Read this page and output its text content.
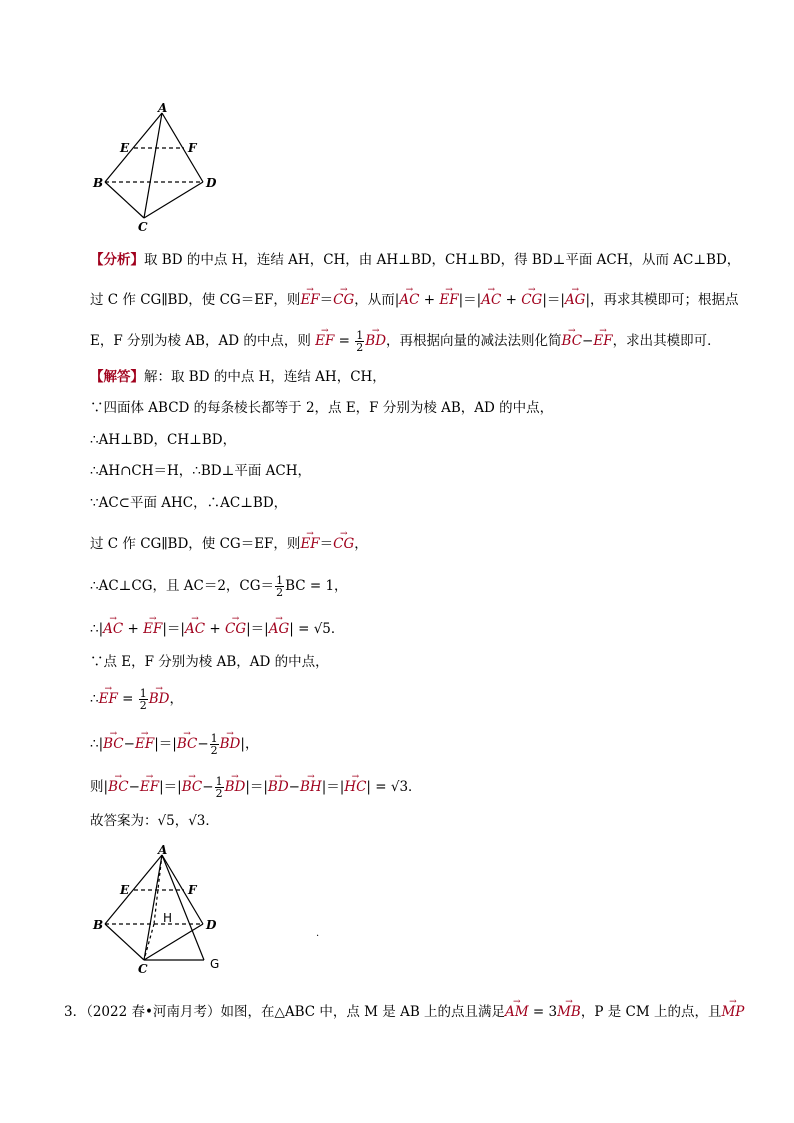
A
E	F
B	D
C
【分析】取 BD 的中点 H，连结 AH，CH，由 AH⊥BD，CH⊥BD，得 BD⊥平面 ACH，从而 AC⊥BD，
过 C 作 CG∥BD，使 CG＝EF，则→ EF＝→ CG，从而|→ AC + → EF|＝|→ AC + → CG|＝|→ AG|，再求其模即可；根据点
E，F 分别为棱 AB，AD 的中点，则 → EF = $\frac{1}{2}$
→ BD，再根据向量的减法法则化简→ BC−→ EF，求出其模即可．
【解答】解：取 BD 的中点 H，连结 AH，CH，
∵四面体 ABCD 的每条棱长都等于 2，点 E，F 分别为棱 AB，AD 的中点，
∴AH⊥BD，CH⊥BD，
∴AH∩CH＝H，∴BD⊥平面 ACH，
∵AC⊂平面 AHC，∴AC⊥BD，
过 C 作 CG∥BD，使 CG＝EF，则→ EF＝→ CG，
∴AC⊥CG，且 AC＝2，$CG= \frac{1}{2}$ BC = 1，
∴|→ AC + → EF|＝|→ AC + → CG|＝|→ AG| = √5．
∵点 E，F 分别为棱 AB，AD 的中点，
∴→ EF = $\frac{1}{2}$
→ BD，
∴|→ $BC-\to EF|=|\to BC- \frac{1}{2}$
→ BD|，
则|→ $BC-\to EF|=|\to BC- \frac{1}{2}$
→ BD|＝|→ BD−→ BH|＝|→ HC| = √3．
故答案为：√5，√3．
A
E	F
B	D
C
H
G
.
3．（2022 春•河南月考）如图，在△ABC 中，点 M 是 AB 上的点且满足→ AM = 3→ MB，P 是 CM 上的点，且→ MP
